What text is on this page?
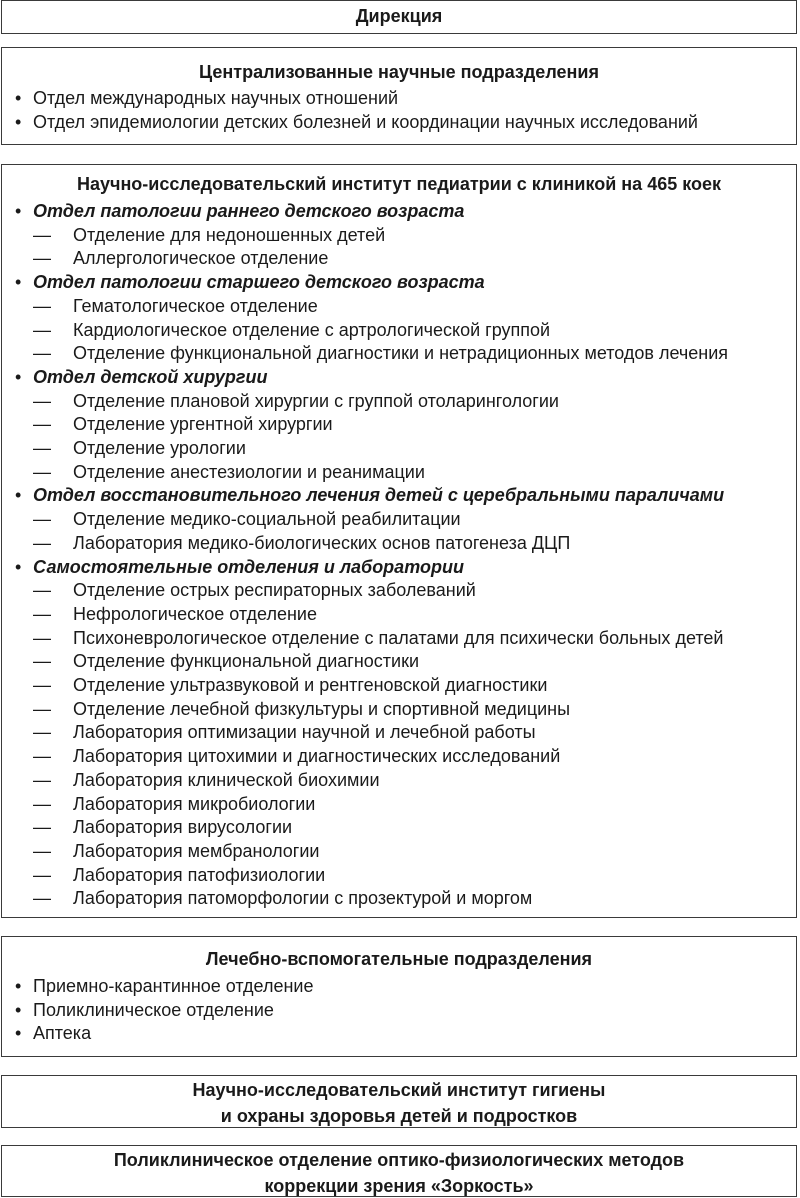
Дирекция
Централизованные научные подразделения
• Отдел международных научных отношений
• Отдел эпидемиологии детских болезней и координации научных исследований
Научно-исследовательский институт педиатрии с клиникой на 465 коек
• Отдел патологии раннего детского возраста
—	Отделение для недоношенных детей
—	Аллергологическое отделение
• Отдел патологии старшего детского возраста
—	Гематологическое отделение
—	Кардиологическое отделение с артрологической группой
—	Отделение функциональной диагностики и нетрадиционных методов лечения
• Отдел детской хирургии
—	Отделение плановой хирургии с группой отоларингологии
—	Отделение ургентной хирургии
—	Отделение урологии
—	Отделение анестезиологии и реанимации
• Отдел восстановительного лечения детей с церебральными параличами
—	Отделение медико-социальной реабилитации
—	Лаборатория медико-биологических основ патогенеза ДЦП
• Самостоятельные отделения и лаборатории
—	Отделение острых респираторных заболеваний
—	Нефрологическое отделение
—	Психоневрологическое отделение с палатами для психически больных детей
—	Отделение функциональной диагностики
—	Отделение ультразвуковой и рентгеновской диагностики
—	Отделение лечебной физкультуры и спортивной медицины
—	Лаборатория оптимизации научной и лечебной работы
—	Лаборатория цитохимии и диагностических исследований
—	Лаборатория клинической биохимии
—	Лаборатория микробиологии
—	Лаборатория вирусологии
—	Лаборатория мембранологии
—	Лаборатория патофизиологии
—	Лаборатория патоморфологии с прозектурой и моргом
Лечебно-вспомогательные подразделения
• Приемно-карантинное отделение
• Поликлиническое отделение
• Аптека
Научно-исследовательский институт гигиены
и охраны здоровья детей и подростков
Поликлиническое отделение оптико-физиологических методов
коррекции зрения «Зоркость»
